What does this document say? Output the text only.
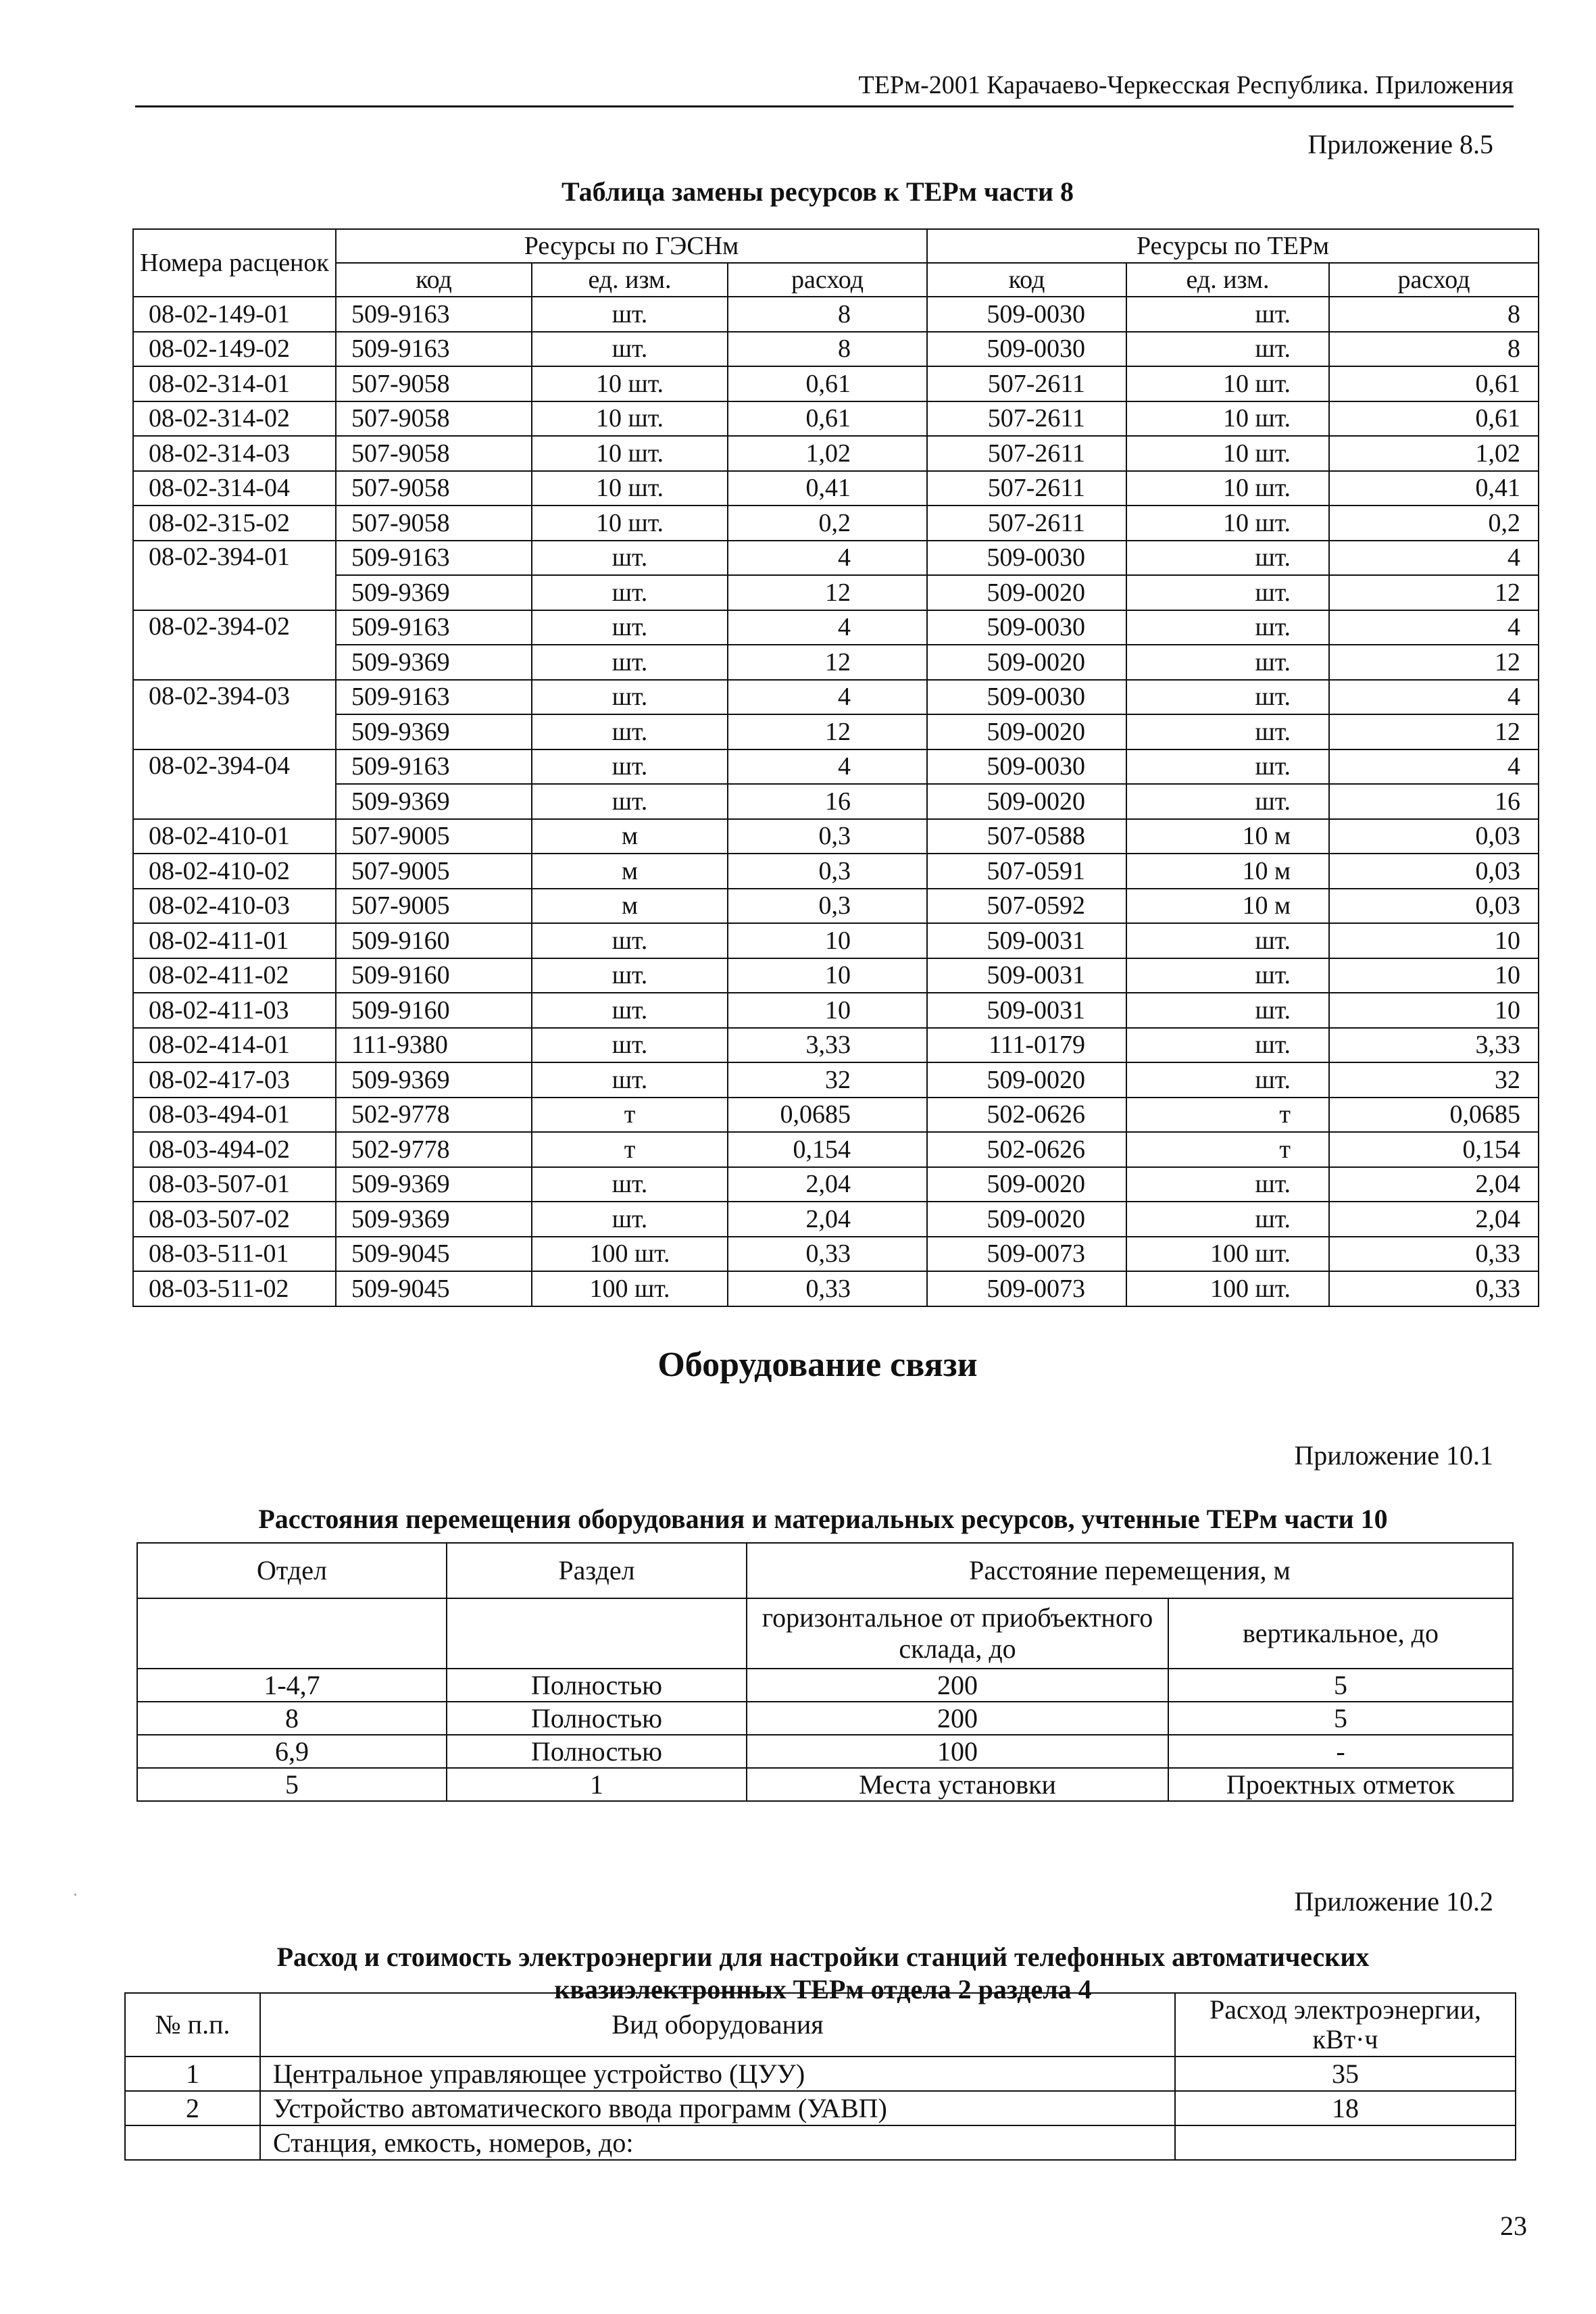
ТЕРм-2001 Карачаево-Черкесская Республика. Приложения
Приложение 8.5
Таблица замены ресурсов к ТЕРм части 8
Номера расценок	Ресурсы по ГЭСНм			Ресурсы по ТЕРм		
	код	ед. изм.	расход	код	ед. изм.	расход
08-02-149-01	509-9163	шт.	8	509-0030	шт.	8
08-02-149-02	509-9163	шт.	8	509-0030	шт.	8
08-02-314-01	507-9058	10 шт.	0,61	507-2611	10 шт.	0,61
08-02-314-02	507-9058	10 шт.	0,61	507-2611	10 шт.	0,61
08-02-314-03	507-9058	10 шт.	1,02	507-2611	10 шт.	1,02
08-02-314-04	507-9058	10 шт.	0,41	507-2611	10 шт.	0,41
08-02-315-02	507-9058	10 шт.	0,2	507-2611	10 шт.	0,2
08-02-394-01	509-9163	шт.	4	509-0030	шт.	4
	509-9369	шт.	12	509-0020	шт.	12
08-02-394-02	509-9163	шт.	4	509-0030	шт.	4
	509-9369	шт.	12	509-0020	шт.	12
08-02-394-03	509-9163	шт.	4	509-0030	шт.	4
	509-9369	шт.	12	509-0020	шт.	12
08-02-394-04	509-9163	шт.	4	509-0030	шт.	4
	509-9369	шт.	16	509-0020	шт.	16
08-02-410-01	507-9005	м	0,3	507-0588	10 м	0,03
08-02-410-02	507-9005	м	0,3	507-0591	10 м	0,03
08-02-410-03	507-9005	м	0,3	507-0592	10 м	0,03
08-02-411-01	509-9160	шт.	10	509-0031	шт.	10
08-02-411-02	509-9160	шт.	10	509-0031	шт.	10
08-02-411-03	509-9160	шт.	10	509-0031	шт.	10
08-02-414-01	111-9380	шт.	3,33	111-0179	шт.	3,33
08-02-417-03	509-9369	шт.	32	509-0020	шт.	32
08-03-494-01	502-9778	т	0,0685	502-0626	т	0,0685
08-03-494-02	502-9778	т	0,154	502-0626	т	0,154
08-03-507-01	509-9369	шт.	2,04	509-0020	шт.	2,04
08-03-507-02	509-9369	шт.	2,04	509-0020	шт.	2,04
08-03-511-01	509-9045	100 шт.	0,33	509-0073	100 шт.	0,33
08-03-511-02	509-9045	100 шт.	0,33	509-0073	100 шт.	0,33
Оборудование связи
Приложение 10.1
Расстояния перемещения оборудования и материальных ресурсов, учтенные ТЕРм части 10
Отдел	Раздел	Расстояние перемещения, м	
		горизонтальное от приобъектного склада, до	вертикальное, до
1-4,7	Полностью	200	5
8	Полностью	200	5
6,9	Полностью	100	-
5	1	Места установки	Проектных отметок
Приложение 10.2
Расход и стоимость электроэнергии для настройки станций телефонных автоматических
квазиэлектронных ТЕРм отдела 2 раздела 4
№ п.п.	Вид оборудования	Расход электроэнергии,
кВт·ч

1	Центральное управляющее устройство (ЦУУ)	35
2	Устройство автоматического ввода программ (УАВП)	18
	Станция, емкость, номеров, до:	
23
